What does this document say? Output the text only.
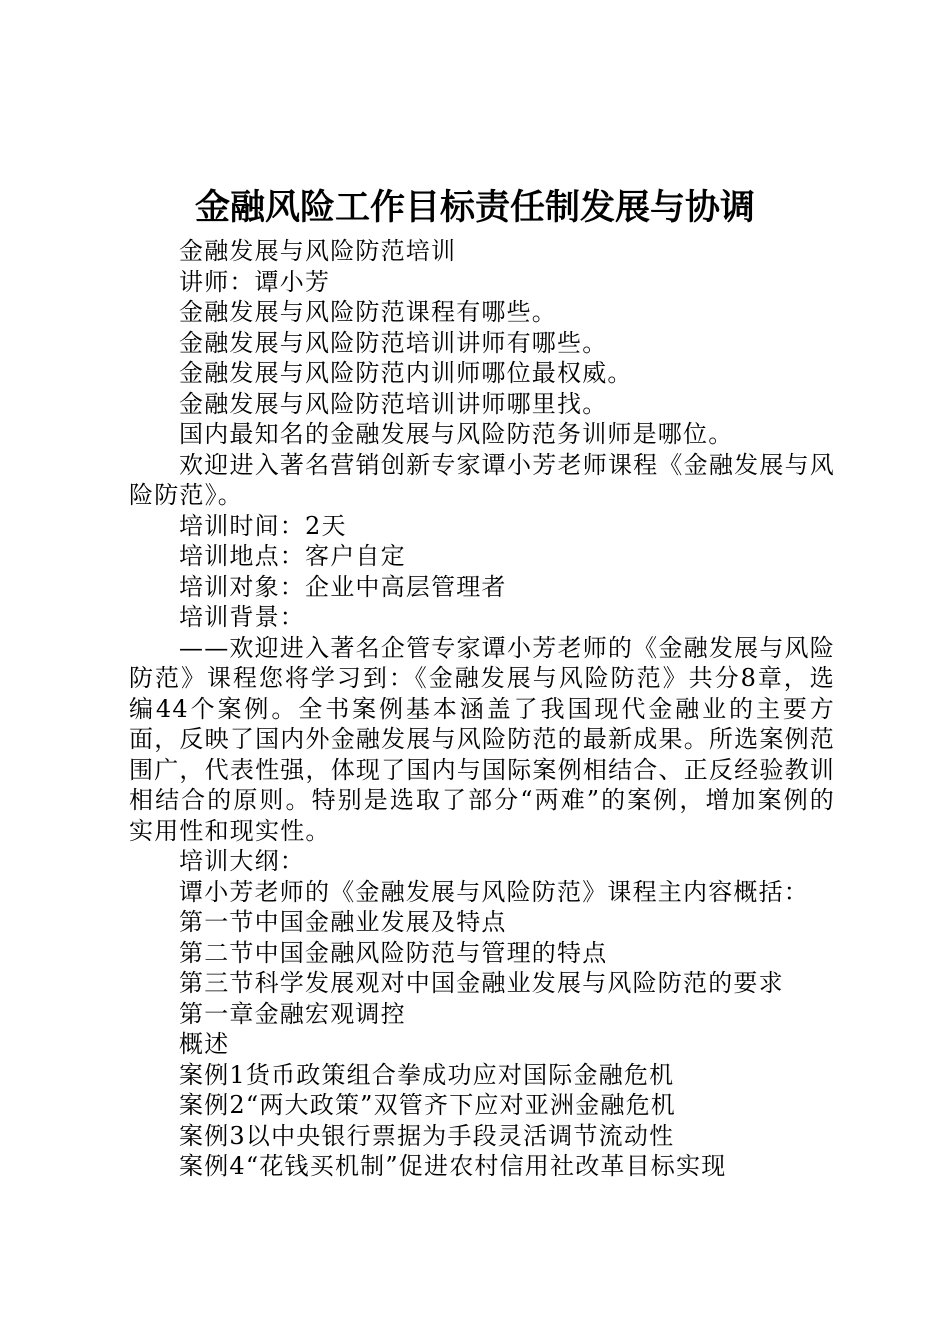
金融风险工作目标责任制发展与协调

金融发展与风险防范培训

讲师：谭小芳

金融发展与风险防范课程有哪些。

金融发展与风险防范培训讲师有哪些。

金融发展与风险防范内训师哪位最权威。

金融发展与风险防范培训讲师哪里找。

国内最知名的金融发展与风险防范务训师是哪位。

欢迎进入著名营销创新专家谭小芳老师课程《金融发展与风险防范》。

培训时间：2天

培训地点：客户自定

培训对象：企业中高层管理者

培训背景：

——欢迎进入著名企管专家谭小芳老师的《金融发展与风险防范》课程您将学习到：《金融发展与风险防范》共分8章，选编44个案例。全书案例基本涵盖了我国现代金融业的主要方面，反映了国内外金融发展与风险防范的最新成果。所选案例范围广，代表性强，体现了国内与国际案例相结合、正反经验教训相结合的原则。特别是选取了部分“两难”的案例，增加案例的实用性和现实性。

培训大纲：

谭小芳老师的《金融发展与风险防范》课程主内容概括：

第一节中国金融业发展及特点

第二节中国金融风险防范与管理的特点

第三节科学发展观对中国金融业发展与风险防范的要求

第一章金融宏观调控

概述

案例1货币政策组合拳成功应对国际金融危机

案例2“两大政策”双管齐下应对亚洲金融危机

案例3以中央银行票据为手段灵活调节流动性

案例4“花钱买机制”促进农村信用社改革目标实现
